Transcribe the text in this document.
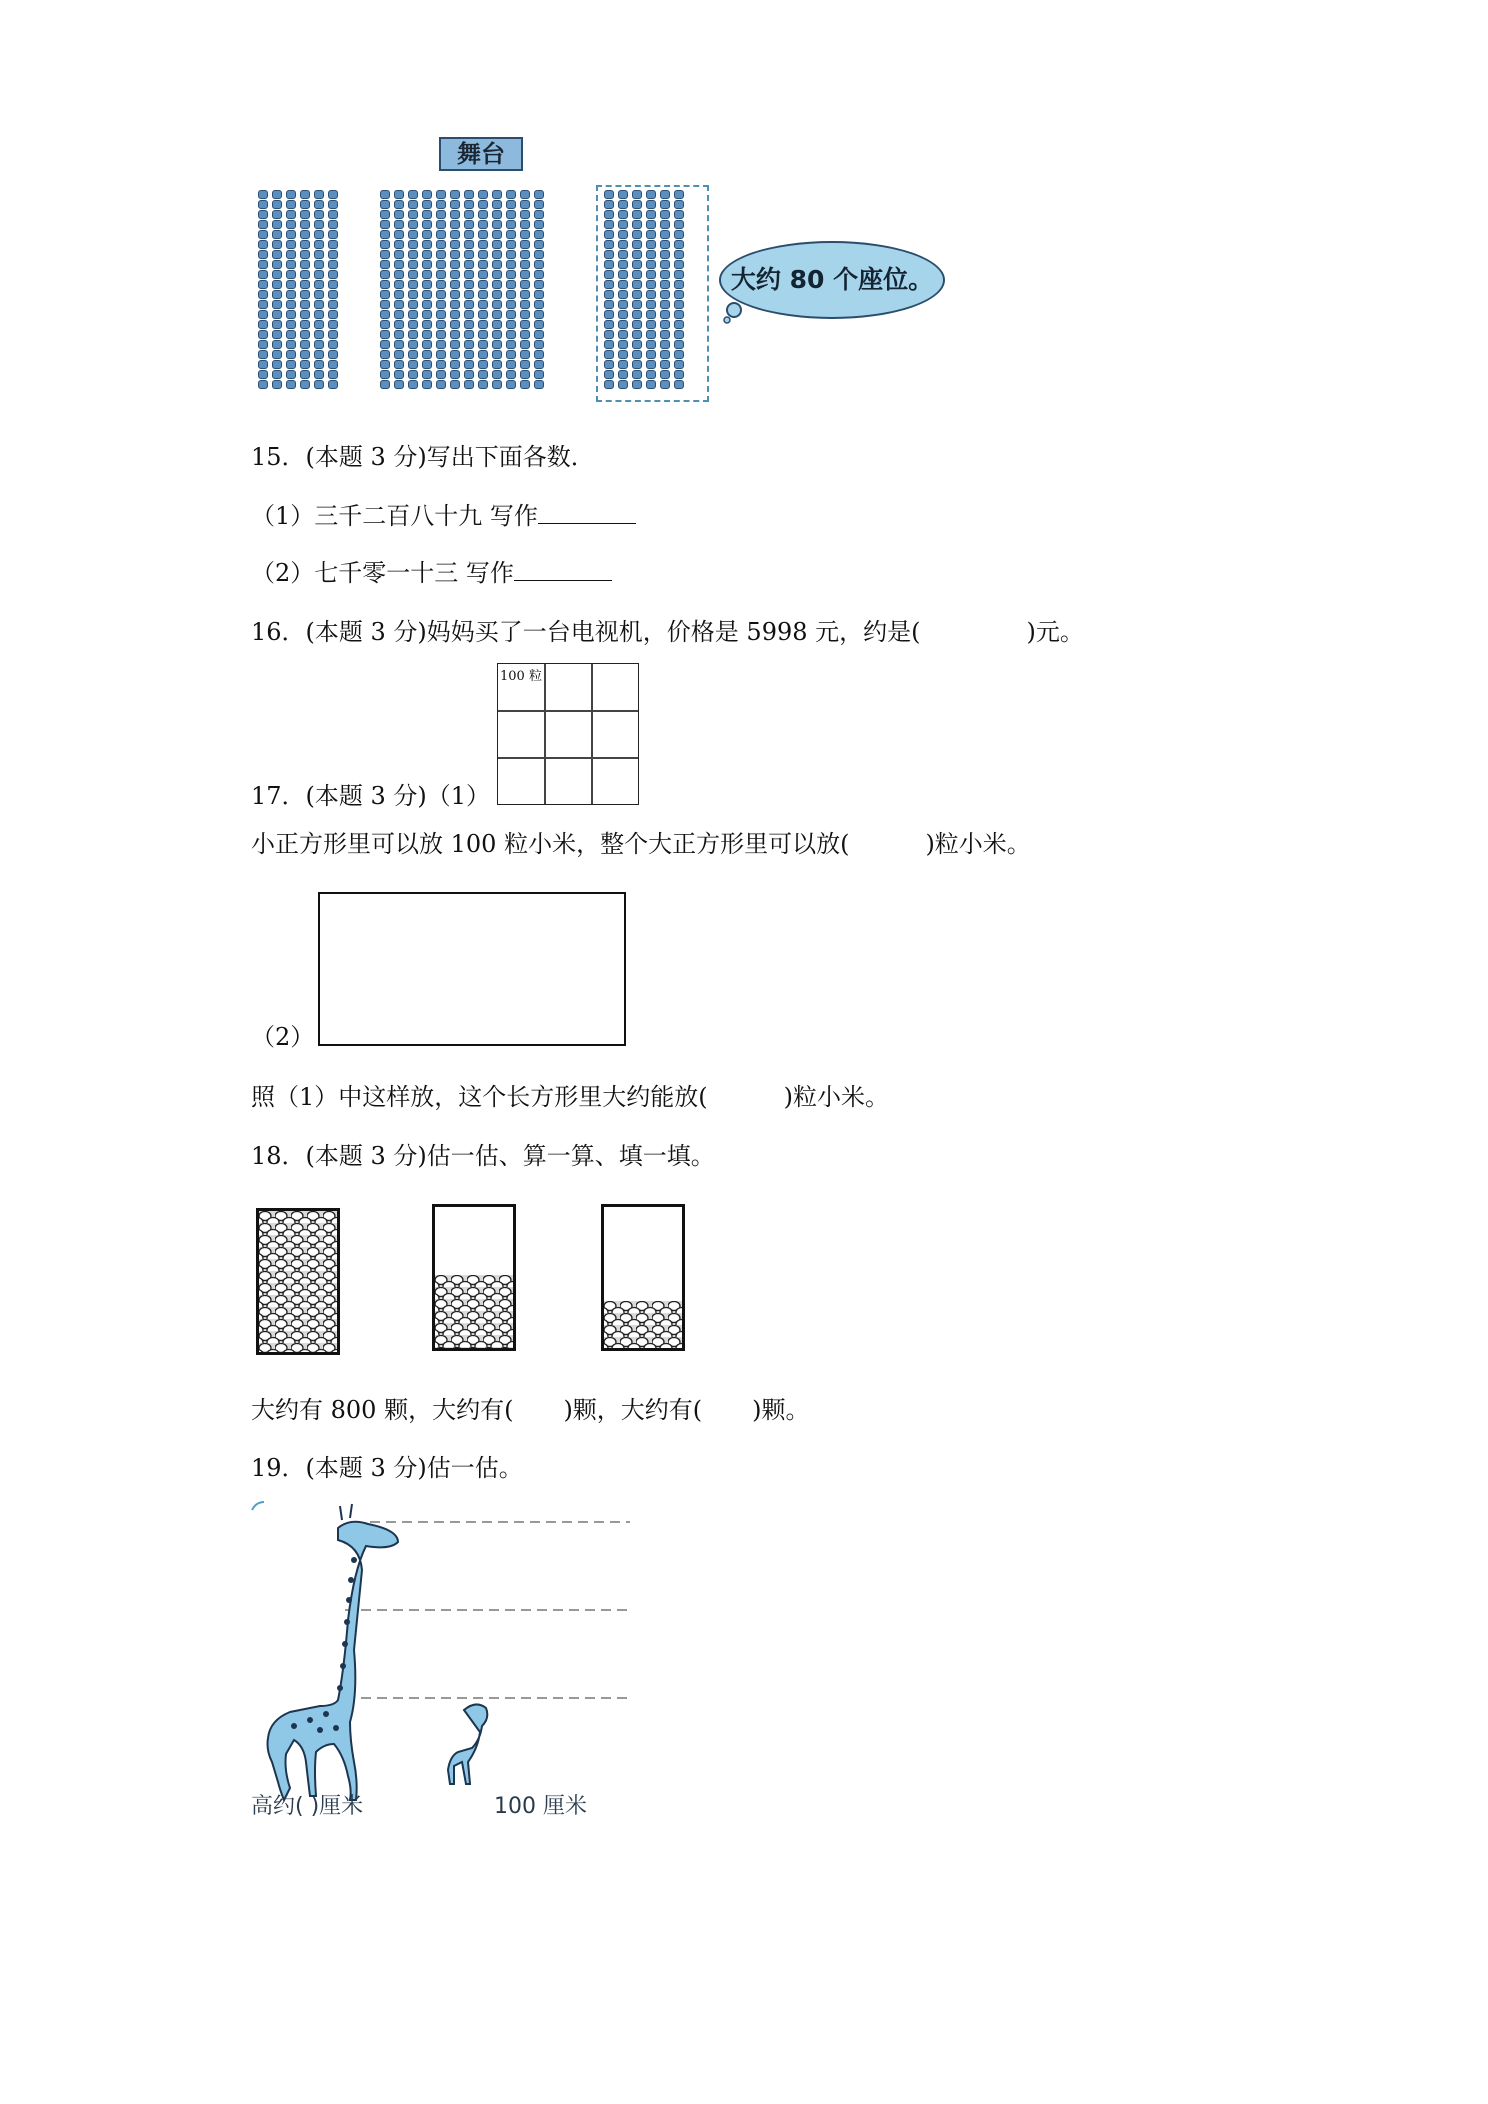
舞台
大约 80 个座位。
15．(本题 3 分)写出下面各数．
（1）三千二百八十九 写作
（2）七千零一十三 写作
16．(本题 3 分)妈妈买了一台电视机，价格是 5998 元，约是(	)元。
100 粒
17．(本题 3 分)（1）
小正方形里可以放 100 粒小米，整个大正方形里可以放(	)粒小米。
（2）
照（1）中这样放，这个长方形里大约能放(	)粒小米。
18．(本题 3 分)估一估、算一算、填一填。
大约有 800 颗，大约有( )颗，大约有( )颗。
19．(本题 3 分)估一估。
高约( )厘米	100 厘米
